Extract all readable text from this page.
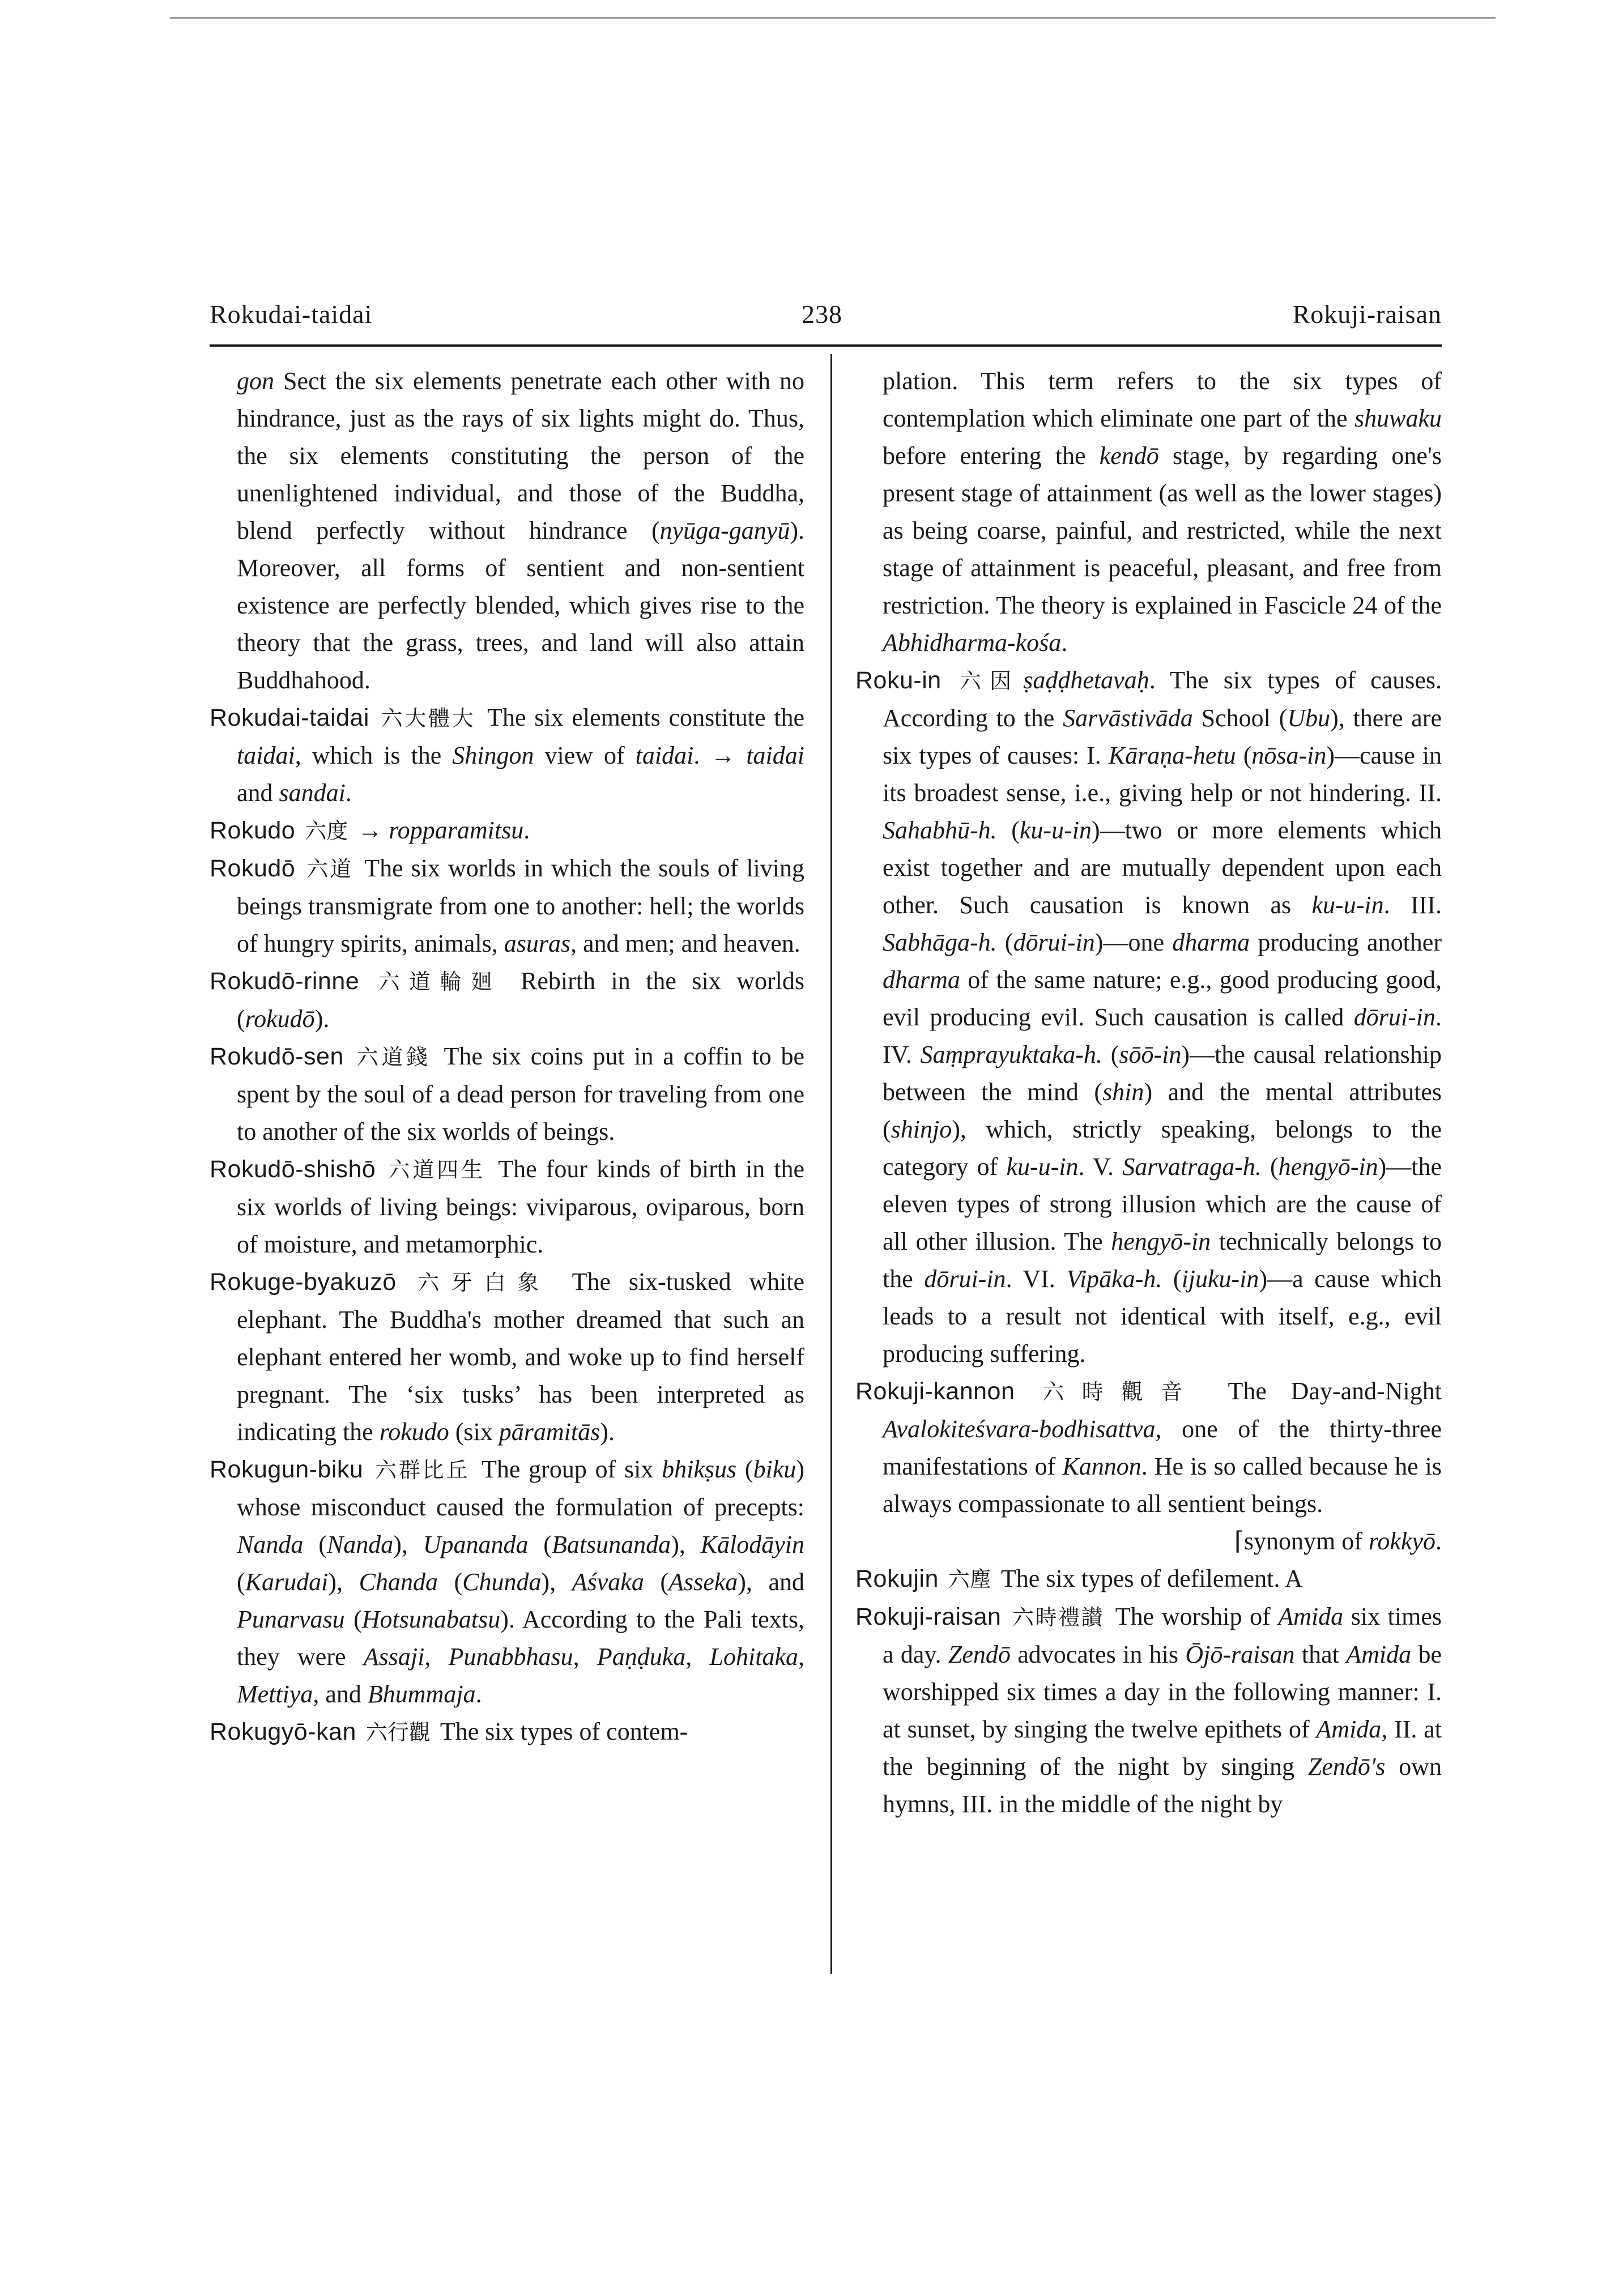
Rokudai-taidai	238	Rokuji-raisan

gon Sect the six elements penetrate each other with no hindrance, just as the rays of six lights might do. Thus, the six elements constituting the person of the unenlightened individual, and those of the Buddha, blend perfectly without hindrance (nyūga-ganyū). Moreover, all forms of sentient and non-sentient existence are perfectly blended, which gives rise to the theory that the grass, trees, and land will also attain Buddhahood.

Rokudai-taidai 六大體大 The six elements constitute the taidai, which is the Shingon view of taidai. → taidai and sandai.

Rokudo 六度 → ropparamitsu.

Rokudō 六道 The six worlds in which the souls of living beings transmigrate from one to another: hell; the worlds of hungry spirits, animals, asuras, and men; and heaven.

Rokudō-rinne 六道輪廻 Rebirth in the six worlds (rokudō).

Rokudō-sen 六道錢 The six coins put in a coffin to be spent by the soul of a dead person for traveling from one to another of the six worlds of beings.

Rokudō-shishō 六道四生 The four kinds of birth in the six worlds of living beings: viviparous, oviparous, born of moisture, and metamorphic.

Rokuge-byakuzō 六牙白象 The six-tusked white elephant. The Buddha's mother dreamed that such an elephant entered her womb, and woke up to find herself pregnant. The ‘six tusks’ has been interpreted as indicating the rokudo (six pāramitās).

Rokugun-biku 六群比丘 The group of six bhikṣus (biku) whose misconduct caused the formulation of precepts: Nanda (Nanda), Upananda (Batsunanda), Kālodāyin (Karudai), Chanda (Chunda), Aśvaka (Asseka), and Punarvasu (Hotsunabatsu). According to the Pali texts, they were Assaji, Punabbhasu, Paṇḍuka, Lohitaka, Mettiya, and Bhummaja.

Rokugyō-kan 六行觀 The six types of contem-

plation. This term refers to the six types of contemplation which eliminate one part of the shuwaku before entering the kendō stage, by regarding one's present stage of attainment (as well as the lower stages) as being coarse, painful, and restricted, while the next stage of attainment is peaceful, pleasant, and free from restriction. The theory is explained in Fascicle 24 of the Abhidharma-kośa.

Roku-in 六因 ṣaḍḍhetavaḥ. The six types of causes. According to the Sarvāstivāda School (Ubu), there are six types of causes: I. Kāraṇa-hetu (nōsa-in)—cause in its broadest sense, i.e., giving help or not hindering. II. Sahabhū-h. (ku-u-in)—two or more elements which exist together and are mutually dependent upon each other. Such causation is known as ku-u-in. III. Sabhāga-h. (dōrui-in)—one dharma producing another dharma of the same nature; e.g., good producing good, evil producing evil. Such causation is called dōrui-in. IV. Saṃprayuktaka-h. (sōō-in)—the causal relationship between the mind (shin) and the mental attributes (shinjo), which, strictly speaking, belongs to the category of ku-u-in. V. Sarvatraga-h. (hengyō-in)—the eleven types of strong illusion which are the cause of all other illusion. The hengyō-in technically belongs to the dōrui-in. VI. Vipāka-h. (ijuku-in)—a cause which leads to a result not identical with itself, e.g., evil producing suffering.

Rokuji-kannon 六時觀音 The Day-and-Night Avalokiteśvara-bodhisattva, one of the thirty-three manifestations of Kannon. He is so called because he is always compassionate to all sentient beings.

⌈synonym of rokkyō.

Rokujin 六塵 The six types of defilement. A

Rokuji-raisan 六時禮讃 The worship of Amida six times a day. Zendō advocates in his Ōjō-raisan that Amida be worshipped six times a day in the following manner: I. at sunset, by singing the twelve epithets of Amida, II. at the beginning of the night by singing Zendō's own hymns, III. in the middle of the night by
